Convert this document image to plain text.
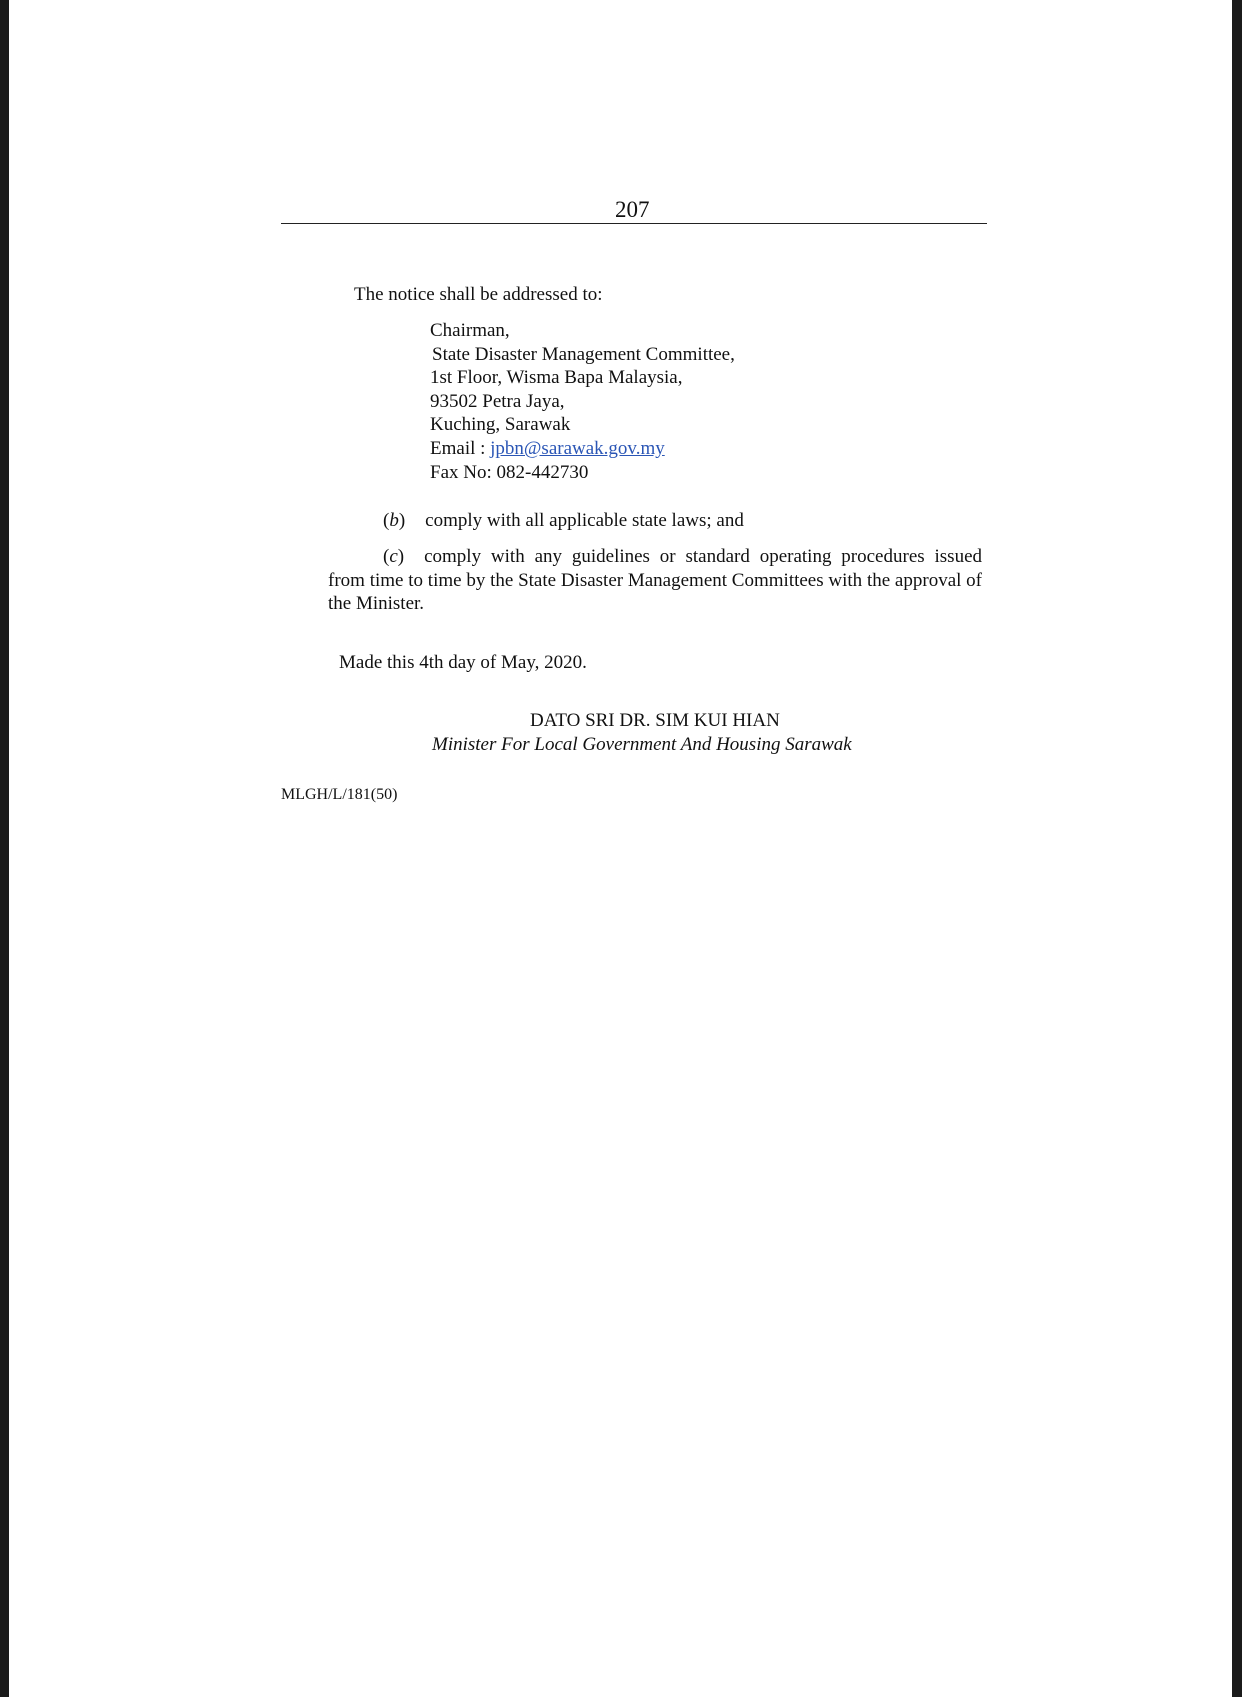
207
The notice shall be addressed to:
Chairman,
State Disaster Management Committee,
1st Floor, Wisma Bapa Malaysia,
93502 Petra Jaya,
Kuching, Sarawak
Email : jpbn@sarawak.gov.my
Fax No: 082-442730
(b) comply with all applicable state laws; and
(c) comply with any guidelines or standard operating procedures issued from time to time by the State Disaster Management Committees with the approval of the Minister.
Made this 4th day of May, 2020.
DATO SRI DR. SIM KUI HIAN
Minister For Local Government And Housing Sarawak
MLGH/L/181(50)
